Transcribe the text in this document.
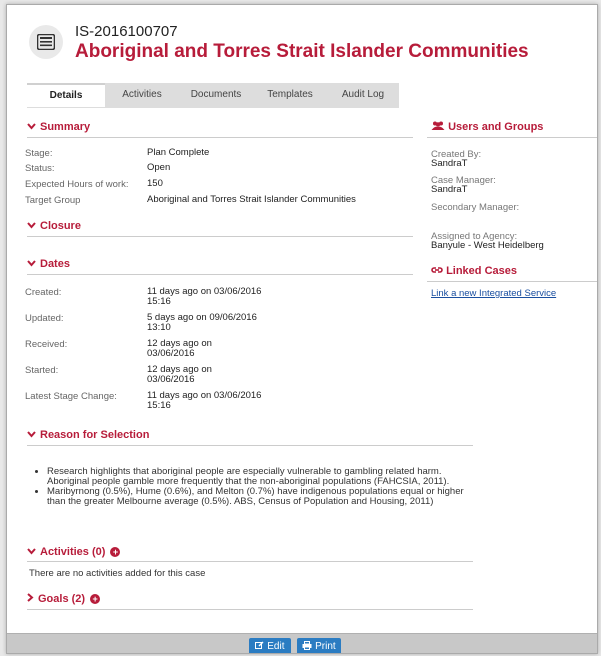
IS-2016100707
Aboriginal and Torres Strait Islander Communities
Details	Activities	Documents	Templates	Audit Log
Summary
Stage:	Plan Complete
Status:	Open
Expected Hours of work: 150
Target Group	Aboriginal and Torres Strait Islander Communities
Closure
Dates
Created:	11 days ago on 03/06/2016
15:16
Updated:	5 days ago on 09/06/2016
13:10
Received:	12 days ago on
03/06/2016
Started:	12 days ago on
03/06/2016
Latest Stage Change:	11 days ago on 03/06/2016
15:16
Reason for Selection
• Research highlights that aboriginal people are especially vulnerable to gambling related harm. Aboriginal people gamble more frequently that the non-aboriginal populations (FAHCSIA, 2011).
• Maribyrnong (0.5%), Hume (0.6%), and Melton (0.7%) have indigenous populations equal or higher than the greater Melbourne average (0.5%). ABS, Census of Population and Housing, 2011)
Activities (0) +
There are no activities added for this case
Goals (2) +
Users and Groups
Created By:
SandraT
Case Manager:
SandraT
Secondary Manager:
Assigned to Agency:
Banyule - West Heidelberg
Linked Cases
Link a new Integrated Service
Edit	Print
